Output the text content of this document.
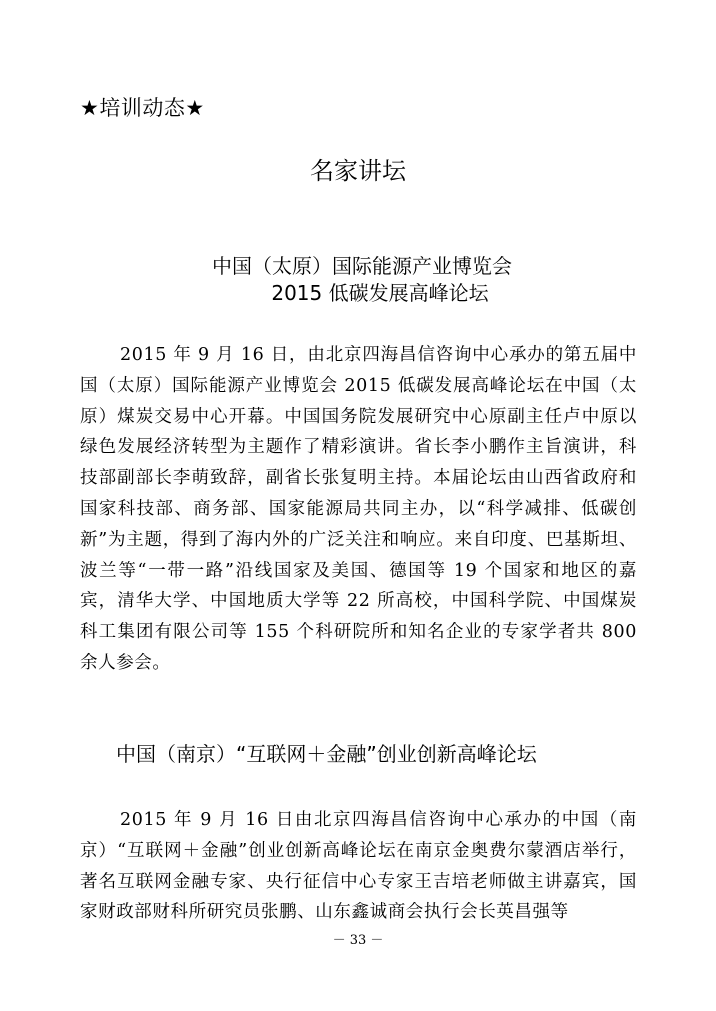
★培训动态★
名家讲坛
中国（太原）国际能源产业博览会
2015 低碳发展高峰论坛
2015 年 9 月 16 日，由北京四海昌信咨询中心承办的第五届中国（太原）国际能源产业博览会 2015 低碳发展高峰论坛在中国（太原）煤炭交易中心开幕。中国国务院发展研究中心原副主任卢中原以绿色发展经济转型为主题作了精彩演讲。省长李小鹏作主旨演讲，科技部副部长李萌致辞，副省长张复明主持。本届论坛由山西省政府和国家科技部、商务部、国家能源局共同主办，以“科学减排、低碳创新”为主题，得到了海内外的广泛关注和响应。来自印度、巴基斯坦、波兰等“一带一路”沿线国家及美国、德国等 19 个国家和地区的嘉宾，清华大学、中国地质大学等 22 所高校，中国科学院、中国煤炭科工集团有限公司等 155 个科研院所和知名企业的专家学者共 800 余人参会。
中国（南京）“互联网＋金融”创业创新高峰论坛
2015 年 9 月 16 日由北京四海昌信咨询中心承办的中国（南京）“互联网＋金融”创业创新高峰论坛在南京金奥费尔蒙酒店举行，著名互联网金融专家、央行征信中心专家王吉培老师做主讲嘉宾，国家财政部财科所研究员张鹏、山东鑫诚商会执行会长英昌强等
－ 33 －
